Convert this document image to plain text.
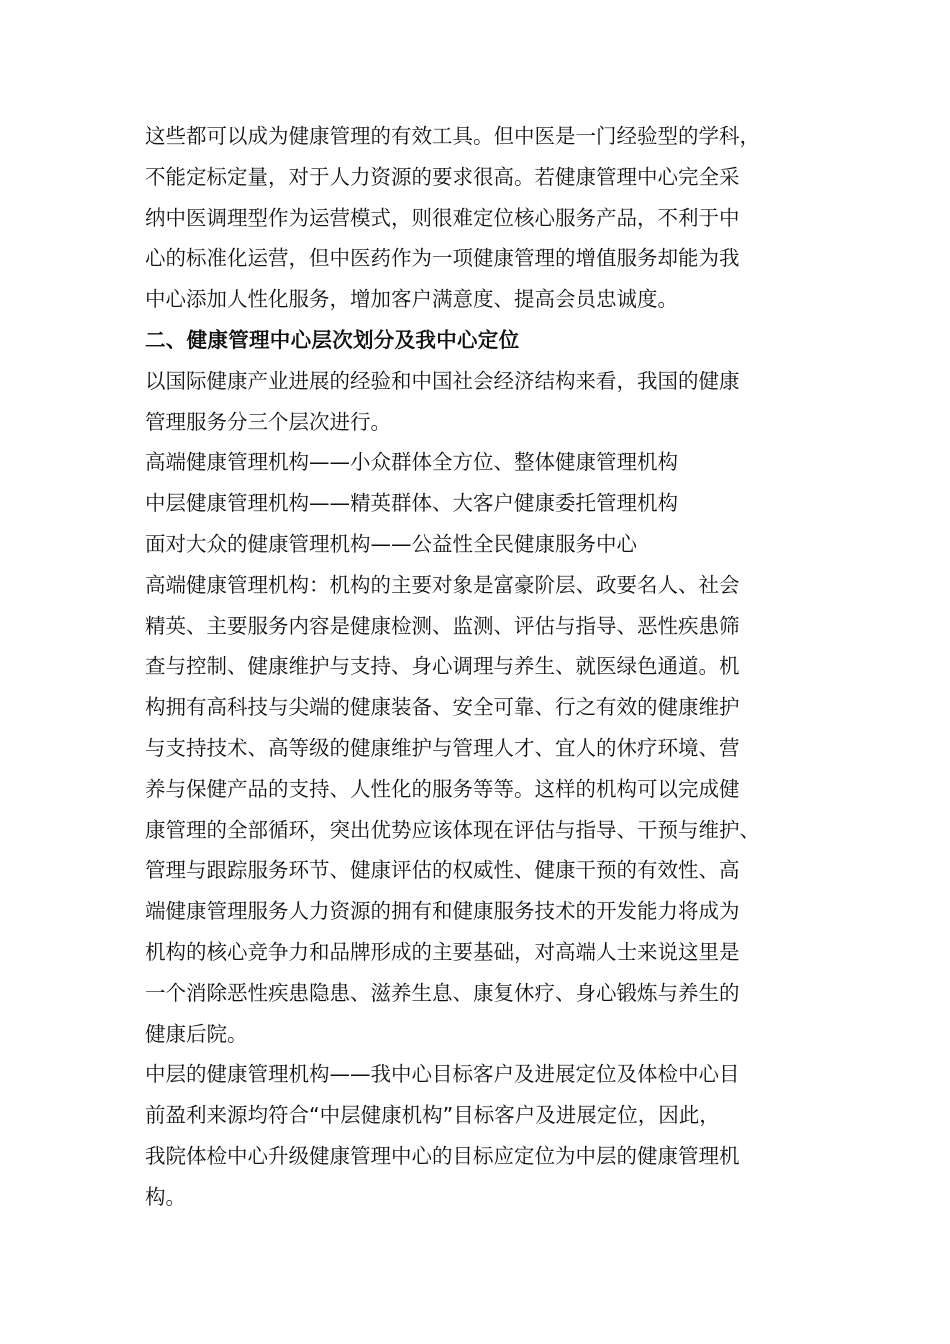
这些都可以成为健康管理的有效工具。但中医是一门经验型的学科，
不能定标定量，对于人力资源的要求很高。若健康管理中心完全采
纳中医调理型作为运营模式，则很难定位核心服务产品，不利于中
心的标准化运营，但中医药作为一项健康管理的增值服务却能为我
中心添加人性化服务，增加客户满意度、提高会员忠诚度。
二、健康管理中心层次划分及我中心定位
以国际健康产业进展的经验和中国社会经济结构来看，我国的健康
管理服务分三个层次进行。
高端健康管理机构——小众群体全方位、整体健康管理机构
中层健康管理机构——精英群体、大客户健康委托管理机构
面对大众的健康管理机构——公益性全民健康服务中心
高端健康管理机构：机构的主要对象是富豪阶层、政要名人、社会
精英、主要服务内容是健康检测、监测、评估与指导、恶性疾患筛
查与控制、健康维护与支持、身心调理与养生、就医绿色通道。机
构拥有高科技与尖端的健康装备、安全可靠、行之有效的健康维护
与支持技术、高等级的健康维护与管理人才、宜人的休疗环境、营
养与保健产品的支持、人性化的服务等等。这样的机构可以完成健
康管理的全部循环，突出优势应该体现在评估与指导、干预与维护、
管理与跟踪服务环节、健康评估的权威性、健康干预的有效性、高
端健康管理服务人力资源的拥有和健康服务技术的开发能力将成为
机构的核心竞争力和品牌形成的主要基础，对高端人士来说这里是
一个消除恶性疾患隐患、滋养生息、康复休疗、身心锻炼与养生的
健康后院。
中层的健康管理机构——我中心目标客户及进展定位及体检中心目
前盈利来源均符合“中层健康机构”目标客户及进展定位，因此，
我院体检中心升级健康管理中心的目标应定位为中层的健康管理机
构。
